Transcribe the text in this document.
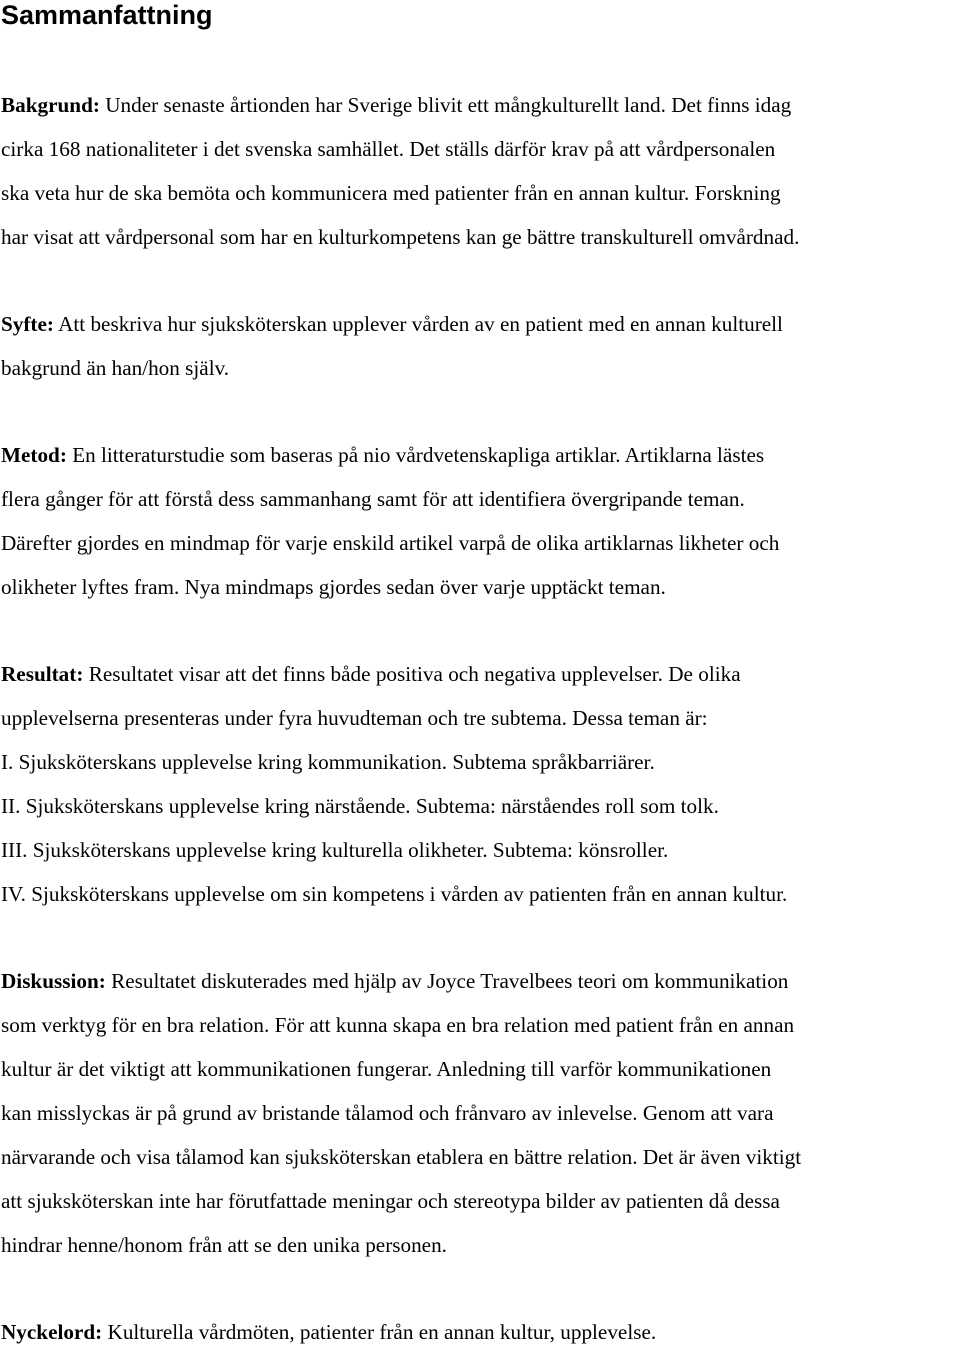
Sammanfattning
Bakgrund: Under senaste årtionden har Sverige blivit ett mångkulturellt land. Det finns idag
cirka 168 nationaliteter i det svenska samhället. Det ställs därför krav på att vårdpersonalen
ska veta hur de ska bemöta och kommunicera med patienter från en annan kultur. Forskning
har visat att vårdpersonal som har en kulturkompetens kan ge bättre transkulturell omvårdnad.
Syfte: Att beskriva hur sjuksköterskan upplever vården av en patient med en annan kulturell
bakgrund än han/hon själv.
Metod: En litteraturstudie som baseras på nio vårdvetenskapliga artiklar. Artiklarna lästes
flera gånger för att förstå dess sammanhang samt för att identifiera övergripande teman.
Därefter gjordes en mindmap för varje enskild artikel varpå de olika artiklarnas likheter och
olikheter lyftes fram. Nya mindmaps gjordes sedan över varje upptäckt teman.
Resultat: Resultatet visar att det finns både positiva och negativa upplevelser. De olika
upplevelserna presenteras under fyra huvudteman och tre subtema. Dessa teman är:
I. Sjuksköterskans upplevelse kring kommunikation. Subtema språkbarriärer.
II. Sjuksköterskans upplevelse kring närstående. Subtema: närståendes roll som tolk.
III. Sjuksköterskans upplevelse kring kulturella olikheter. Subtema: könsroller.
IV. Sjuksköterskans upplevelse om sin kompetens i vården av patienten från en annan kultur.
Diskussion: Resultatet diskuterades med hjälp av Joyce Travelbees teori om kommunikation
som verktyg för en bra relation. För att kunna skapa en bra relation med patient från en annan
kultur är det viktigt att kommunikationen fungerar. Anledning till varför kommunikationen
kan misslyckas är på grund av bristande tålamod och frånvaro av inlevelse. Genom att vara
närvarande och visa tålamod kan sjuksköterskan etablera en bättre relation. Det är även viktigt
att sjuksköterskan inte har förutfattade meningar och stereotypa bilder av patienten då dessa
hindrar henne/honom från att se den unika personen.
Nyckelord: Kulturella vårdmöten, patienter från en annan kultur, upplevelse.
